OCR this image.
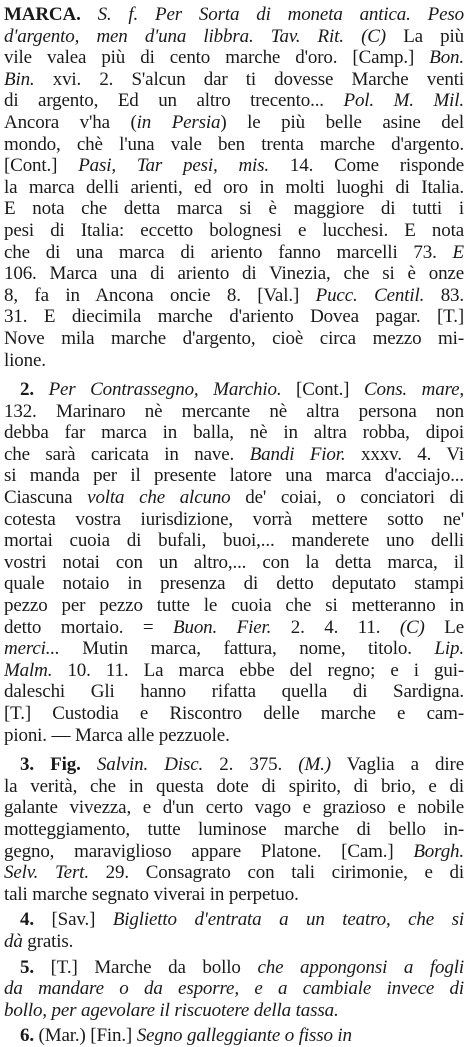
MARCA. S. f. Per Sorta di moneta antica. Peso
d'argento, men d'una libbra. Tav. Rit. (C) La più
vile valea più di cento marche d'oro. [Camp.] Bon.
Bin. xvi. 2. S'alcun dar ti dovesse Marche venti
di argento, Ed un altro trecento... Pol. M. Mil.
Ancora v'ha (in Persia) le più belle asine del
mondo, chè l'una vale ben trenta marche d'argento.
[Cont.] Pasi, Tar pesi, mis. 14. Come risponde
la marca delli arienti, ed oro in molti luoghi di Italia.
E nota che detta marca si è maggiore di tutti i
pesi di Italia: eccetto bolognesi e lucchesi. E nota
che di una marca di ariento fanno marcelli 73. E
106. Marca una di ariento di Vinezia, che si è onze
8, fa in Ancona oncie 8. [Val.] Pucc. Centil. 83.
31. E diecimila marche d'ariento Dovea pagar. [T.]
Nove mila marche d'argento, cioè circa mezzo mi-
lione.
2. Per Contrassegno, Marchio. [Cont.] Cons. mare,
132. Marinaro nè mercante nè altra persona non
debba far marca in balla, nè in altra robba, dipoi
che sarà caricata in nave. Bandi Fior. xxxv. 4. Vi
si manda per il presente latore una marca d'acciajo...
Ciascuna volta che alcuno de' coiai, o conciatori di
cotesta vostra iurisdizione, vorrà mettere sotto ne'
mortai cuoia di bufali, buoi,... manderete uno delli
vostri notai con un altro,... con la detta marca, il
quale notaio in presenza di detto deputato stampi
pezzo per pezzo tutte le cuoia che si metteranno in
detto mortaio. = Buon. Fier. 2. 4. 11. (C) Le
merci... Mutin marca, fattura, nome, titolo. Lip.
Malm. 10. 11. La marca ebbe del regno; e i gui-
daleschi Gli hanno rifatta quella di Sardigna.
[T.] Custodia e Riscontro delle marche e cam-
pioni. — Marca alle pezzuole.
3. Fig. Salvin. Disc. 2. 375. (M.) Vaglia a dire
la verità, che in questa dote di spirito, di brio, e di
galante vivezza, e d'un certo vago e grazioso e nobile
motteggiamento, tutte luminose marche di bello in-
gegno, maraviglioso appare Platone. [Cam.] Borgh.
Selv. Tert. 29. Consagrato con tali cirimonie, e di
tali marche segnato viverai in perpetuo.
4. [Sav.] Biglietto d'entrata a un teatro, che si
dà gratis.
5. [T.] Marche da bollo che appongonsi a fogli
da mandare o da esporre, e a cambiale invece di
bollo, per agevolare il riscuotere della tassa.
6. (Mar.) [Fin.] Segno galleggiante o fisso in
